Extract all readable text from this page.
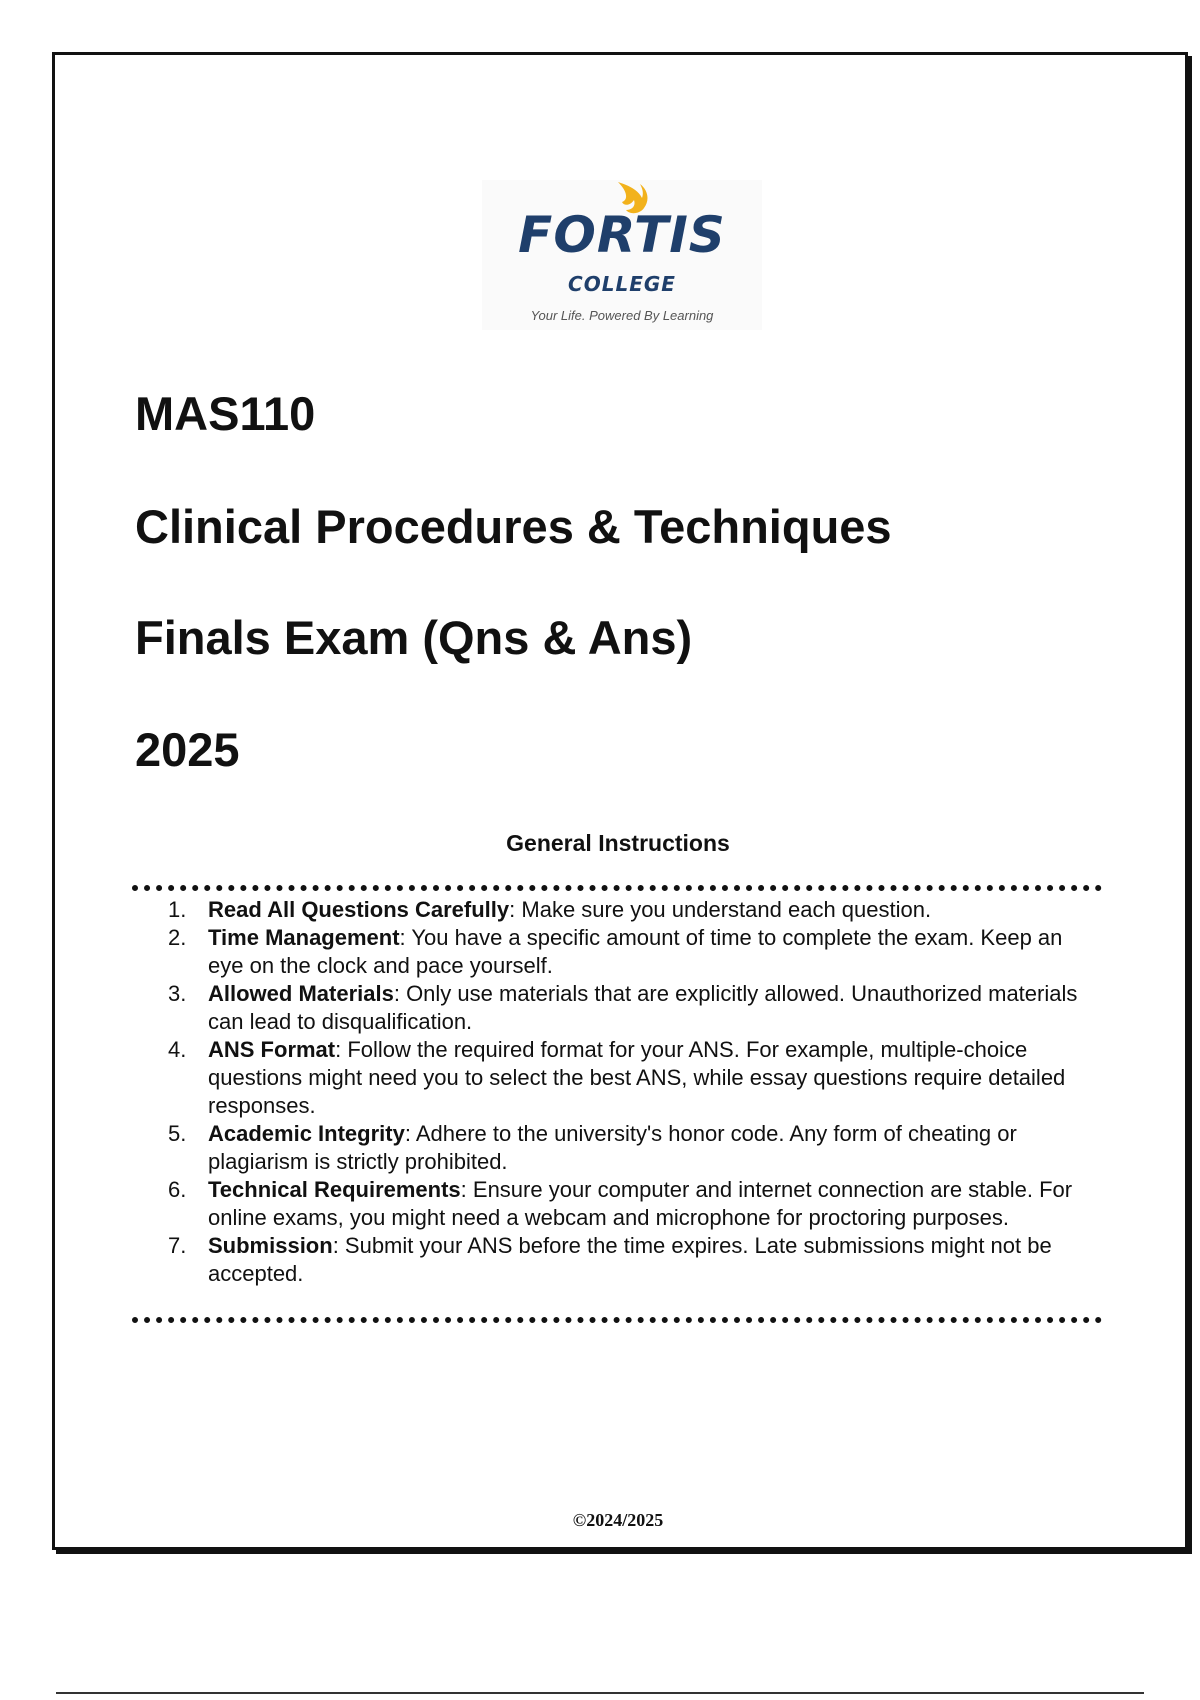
FORTIS
COLLEGE
Your Life. Powered By Learning
MAS110
Clinical Procedures & Techniques
Finals Exam (Qns & Ans)
2025
General Instructions
1. Read All Questions Carefully: Make sure you understand each question.
2. Time Management: You have a specific amount of time to complete the exam. Keep an eye on the clock and pace yourself.
3. Allowed Materials: Only use materials that are explicitly allowed. Unauthorized materials can lead to disqualification.
4. ANS Format: Follow the required format for your ANS. For example, multiple-choice questions might need you to select the best ANS, while essay questions require detailed responses.
5. Academic Integrity: Adhere to the university's honor code. Any form of cheating or plagiarism is strictly prohibited.
6. Technical Requirements: Ensure your computer and internet connection are stable. For online exams, you might need a webcam and microphone for proctoring purposes.
7. Submission: Submit your ANS before the time expires. Late submissions might not be accepted.
©2024/2025
